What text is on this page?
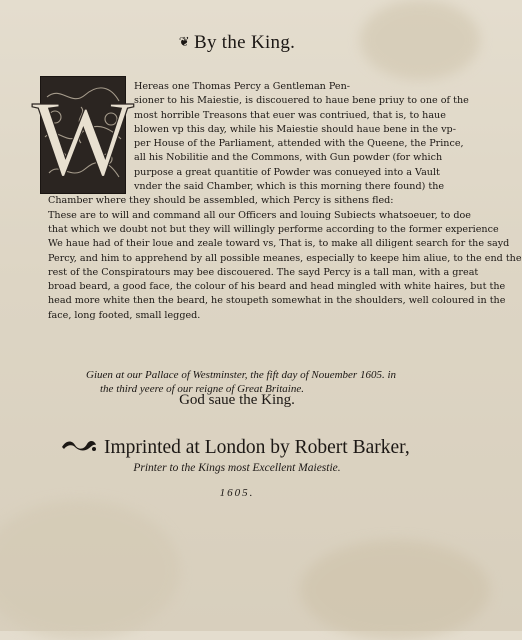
❦ By the King.
W Hereas one Thomas Percy a Gentleman Pen-
sioner to his Maiestie, is discouered to haue bene priuy to one of the
most horrible Treasons that euer was contriued, that is, to haue
blowen vp this day, while his Maiestie should haue bene in the vp-
per House of the Parliament, attended with the Queene, the Prince,
all his Nobilitie and the Commons, with Gun powder (for which
purpose a great quantitie of Powder was conueyed into a Vault
vnder the said Chamber, which is this morning there found) the
Chamber where they should be assembled, which Percy is sithens fled:
These are to will and command all our Officers and louing Subiects whatsoeuer, to doe
that which we doubt not but they will willingly performe according to the former experience
We haue had of their loue and zeale toward vs, That is, to make all diligent search for the sayd
Percy, and him to apprehend by all possible meanes, especially to keepe him aliue, to the end the
rest of the Conspiratours may bee discouered. The sayd Percy is a tall man, with a great
broad beard, a good face, the colour of his beard and head mingled with white haires, but the
head more white then the beard, he stoupeth somewhat in the shoulders, well coloured in the
face, long footed, small legged.
Giuen at our Pallace of Westminster, the fift day of Nouember 1605. in
the third yeere of our reigne of Great Britaine.
God saue the King.
Imprinted at London by Robert Barker,
Printer to the Kings most Excellent Maiestie.
1605.
